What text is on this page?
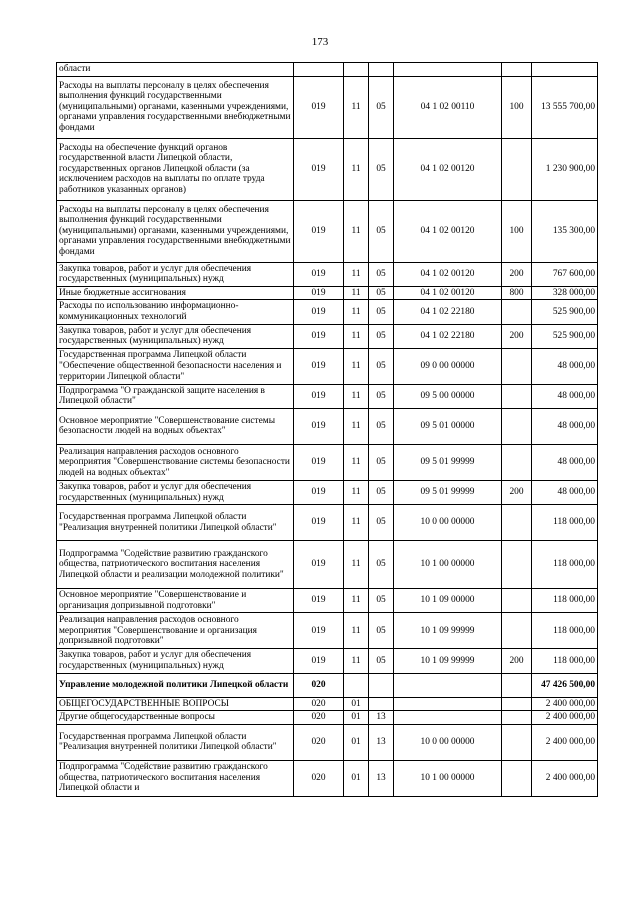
173
области						
Расходы на выплаты персоналу в целях обеспечения выполнения функций государственными (муниципальными) органами, казенными учреждениями, органами управления государственными внебюджетными фондами	019	11	05	04 1 02 00110	100	13 555 700,00
Расходы на обеспечение функций органов государственной власти Липецкой области, государственных органов Липецкой области (за исключением расходов на выплаты по оплате труда работников указанных органов)	019	11	05	04 1 02 00120		1 230 900,00
Расходы на выплаты персоналу в целях обеспечения выполнения функций государственными (муниципальными) органами, казенными учреждениями, органами управления государственными внебюджетными фондами	019	11	05	04 1 02 00120	100	135 300,00
Закупка товаров, работ и услуг для обеспечения государственных (муниципальных) нужд	019	11	05	04 1 02 00120	200	767 600,00
Иные бюджетные ассигнования	019	11	05	04 1 02 00120	800	328 000,00
Расходы по использованию информационно-коммуникационных технологий	019	11	05	04 1 02 22180		525 900,00
Закупка товаров, работ и услуг для обеспечения государственных (муниципальных) нужд	019	11	05	04 1 02 22180	200	525 900,00
Государственная программа Липецкой области "Обеспечение общественной безопасности населения и территории Липецкой области"	019	11	05	09 0 00 00000		48 000,00
Подпрограмма "О гражданской защите населения в Липецкой области"	019	11	05	09 5 00 00000		48 000,00
Основное мероприятие "Совершенствование системы безопасности людей на водных объектах"	019	11	05	09 5 01 00000		48 000,00
Реализация направления расходов основного мероприятия "Совершенствование системы безопасности людей на водных объектах"	019	11	05	09 5 01 99999		48 000,00
Закупка товаров, работ и услуг для обеспечения государственных (муниципальных) нужд	019	11	05	09 5 01 99999	200	48 000,00
Государственная программа Липецкой области "Реализация внутренней политики Липецкой области"	019	11	05	10 0 00 00000		118 000,00
Подпрограмма "Содействие развитию гражданского общества, патриотического воспитания населения Липецкой области и реализации молодежной политики"	019	11	05	10 1 00 00000		118 000,00
Основное мероприятие "Совершенствование и организация допризывной подготовки"	019	11	05	10 1 09 00000		118 000,00
Реализация направления расходов основного мероприятия "Совершенствование и организация допризывной подготовки"	019	11	05	10 1 09 99999		118 000,00
Закупка товаров, работ и услуг для обеспечения государственных (муниципальных) нужд	019	11	05	10 1 09 99999	200	118 000,00
Управление молодежной политики Липецкой области	020					47 426 500,00
ОБЩЕГОСУДАРСТВЕННЫЕ ВОПРОСЫ	020	01				2 400 000,00
Другие общегосударственные вопросы	020	01	13			2 400 000,00
Государственная программа Липецкой области "Реализация внутренней политики Липецкой области"	020	01	13	10 0 00 00000		2 400 000,00
Подпрограмма "Содействие развитию гражданского общества, патриотического воспитания населения Липецкой области и	020	01	13	10 1 00 00000		2 400 000,00
